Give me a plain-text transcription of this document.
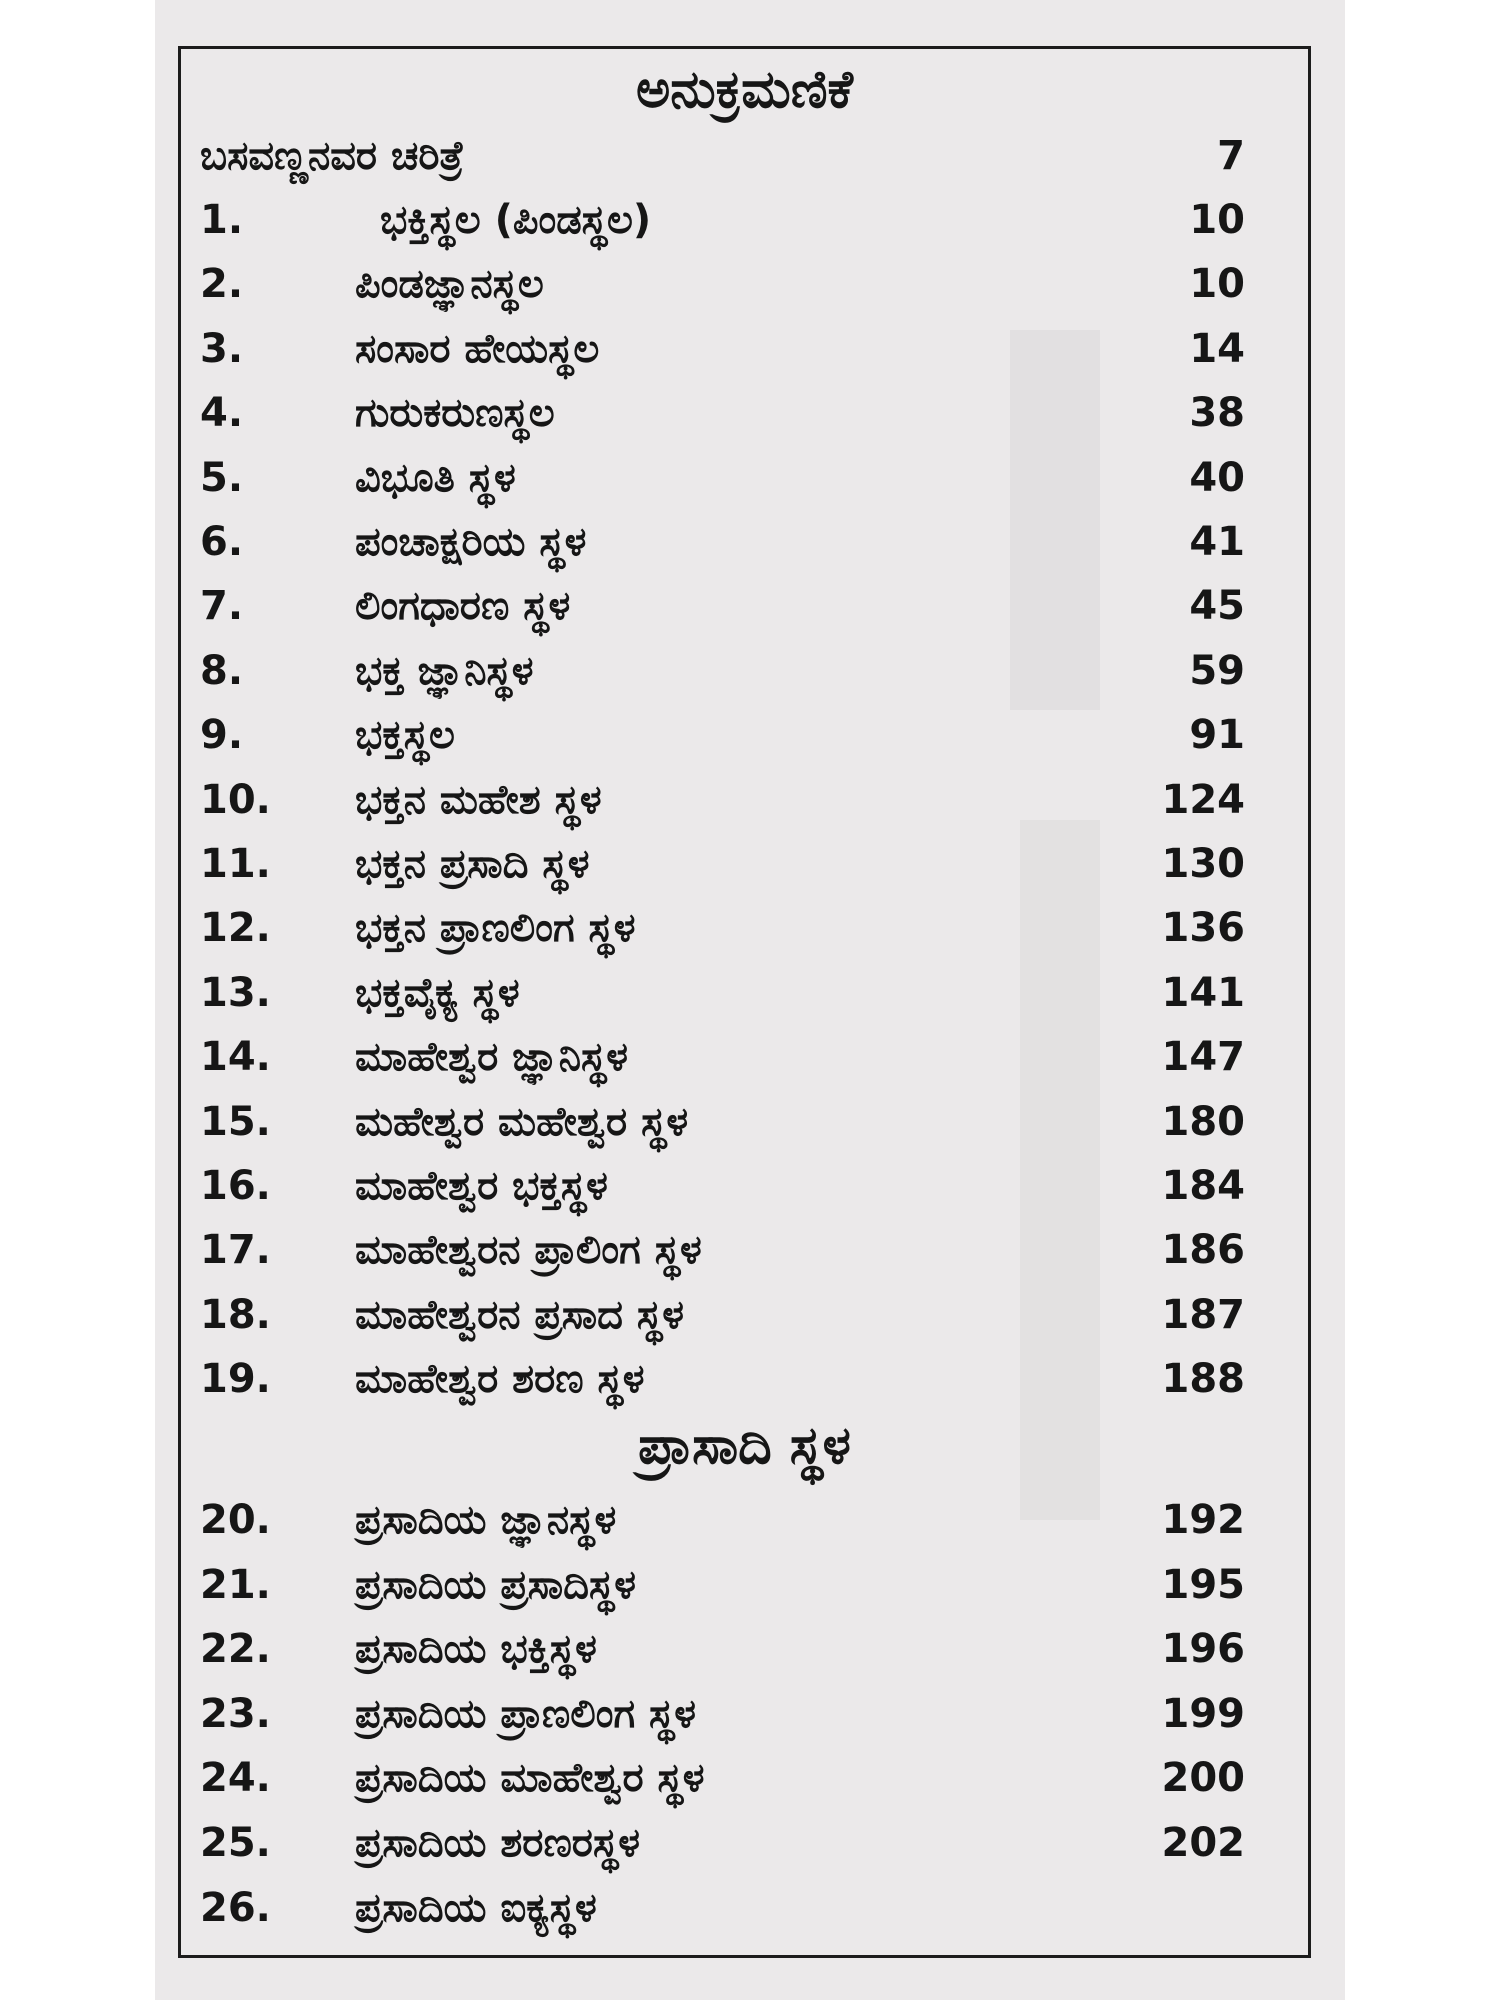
ಅನುಕ್ರಮಣಿಕೆ
ಬಸವಣ್ಣನವರ ಚರಿತ್ರೆ	7
1.	ಭಕ್ತಿಸ್ಥಲ (ಪಿಂಡಸ್ಥಲ)	10
2.	ಪಿಂಡಜ್ಞಾನಸ್ಥಲ	10
3.	ಸಂಸಾರ ಹೇಯಸ್ಥಲ	14
4.	ಗುರುಕರುಣಸ್ಥಲ	38
5.	ವಿಭೂತಿ ಸ್ಥಳ	40
6.	ಪಂಚಾಕ್ಷರಿಯ ಸ್ಥಳ	41
7.	ಲಿಂಗಧಾರಣ ಸ್ಥಳ	45
8.	ಭಕ್ತ ಜ್ಞಾನಿಸ್ಥಳ	59
9.	ಭಕ್ತಸ್ಥಲ	91
10.	ಭಕ್ತನ ಮಹೇಶ ಸ್ಥಳ	124
11.	ಭಕ್ತನ ಪ್ರಸಾದಿ ಸ್ಥಳ	130
12.	ಭಕ್ತನ ಪ್ರಾಣಲಿಂಗ ಸ್ಥಳ	136
13.	ಭಕ್ತವೈಕ್ಯ ಸ್ಥಳ	141
14.	ಮಾಹೇಶ್ವರ ಜ್ಞಾನಿಸ್ಥಳ	147
15.	ಮಹೇಶ್ವರ ಮಹೇಶ್ವರ ಸ್ಥಳ	180
16.	ಮಾಹೇಶ್ವರ ಭಕ್ತಸ್ಥಳ	184
17.	ಮಾಹೇಶ್ವರನ ಪ್ರಾಲಿಂಗ ಸ್ಥಳ	186
18.	ಮಾಹೇಶ್ವರನ ಪ್ರಸಾದ ಸ್ಥಳ	187
19.	ಮಾಹೇಶ್ವರ ಶರಣ ಸ್ಥಳ	188
ಪ್ರಾಸಾದಿ ಸ್ಥಳ
20.	ಪ್ರಸಾದಿಯ ಜ್ಞಾನಸ್ಥಳ	192
21.	ಪ್ರಸಾದಿಯ ಪ್ರಸಾದಿಸ್ಥಳ	195
22.	ಪ್ರಸಾದಿಯ ಭಕ್ತಿಸ್ಥಳ	196
23.	ಪ್ರಸಾದಿಯ ಪ್ರಾಣಲಿಂಗ ಸ್ಥಳ	199
24.	ಪ್ರಸಾದಿಯ ಮಾಹೇಶ್ವರ ಸ್ಥಳ	200
25.	ಪ್ರಸಾದಿಯ ಶರಣರಸ್ಥಳ	202
26.	ಪ್ರಸಾದಿಯ ಐಕ್ಯಸ್ಥಳ
